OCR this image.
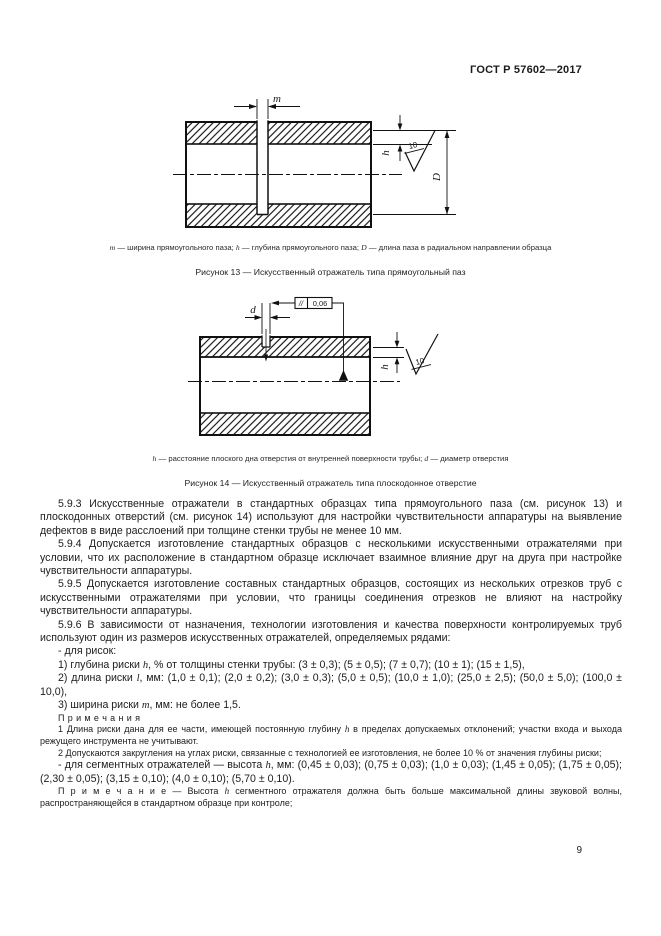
ГОСТ Р 57602—2017
m
h
10
D
m — ширина прямоугольного паза; h — глубина прямоугольного паза; D — длина паза в радиальном направлении образца
Рисунок 13 — Искусственный отражатель типа прямоугольный паз
d
// 0,06
h	10
h — расстояние плоского дна отверстия от внутренней поверхности трубы; d — диаметр отверстия
Рисунок 14 — Искусственный отражатель типа плоскодонное отверстие

5.9.3 Искусственные отражатели в стандартных образцах типа прямоугольного паза (см. рисунок 13) и плоскодонных отверстий (см. рисунок 14) используют для настройки чувствительности аппаратуры на выявление дефектов в виде расслоений при толщине стенки трубы не менее 10 мм.

5.9.4 Допускается изготовление стандартных образцов с несколькими искусственными отражателями при условии, что их расположение в стандартном образце исключает взаимное влияние друг на друга при настройке чувствительности аппаратуры.

5.9.5 Допускается изготовление составных стандартных образцов, состоящих из нескольких отрезков труб с искусственными отражателями при условии, что границы соединения отрезков не влияют на настройку чувствительности аппаратуры.

5.9.6 В зависимости от назначения, технологии изготовления и качества поверхности контролируемых труб используют один из размеров искусственных отражателей, определяемых рядами:

- для рисок:

1) глубина риски h, % от толщины стенки трубы: (3 ± 0,3); (5 ± 0,5); (7 ± 0,7); (10 ± 1); (15 ± 1,5),

2) длина риски l, мм: (1,0 ± 0,1); (2,0 ± 0,2); (3,0 ± 0,3); (5,0 ± 0,5); (10,0 ± 1,0); (25,0 ± 2,5); (50,0 ± 5,0); (100,0 ± 10,0),

3) ширина риски m, мм: не более 1,5.

П р и м е ч а н и я

1 Длина риски дана для ее части, имеющей постоянную глубину h в пределах допускаемых отклонений; участки входа и выхода режущего инструмента не учитывают.

2 Допускаются закругления на углах риски, связанные с технологией ее изготовления, не более 10 % от значения глубины риски;

- для сегментных отражателей — высота h, мм: (0,45 ± 0,03); (0,75 ± 0,03); (1,0 ± 0,03); (1,45 ± 0,05); (1,75 ± 0,05); (2,30 ± 0,05); (3,15 ± 0,10); (4,0 ± 0,10); (5,70 ± 0,10).

П р и м е ч а н и е — Высота h сегментного отражателя должна быть больше максимальной длины звуковой волны, распространяющейся в стандартном образце при контроле;

9
